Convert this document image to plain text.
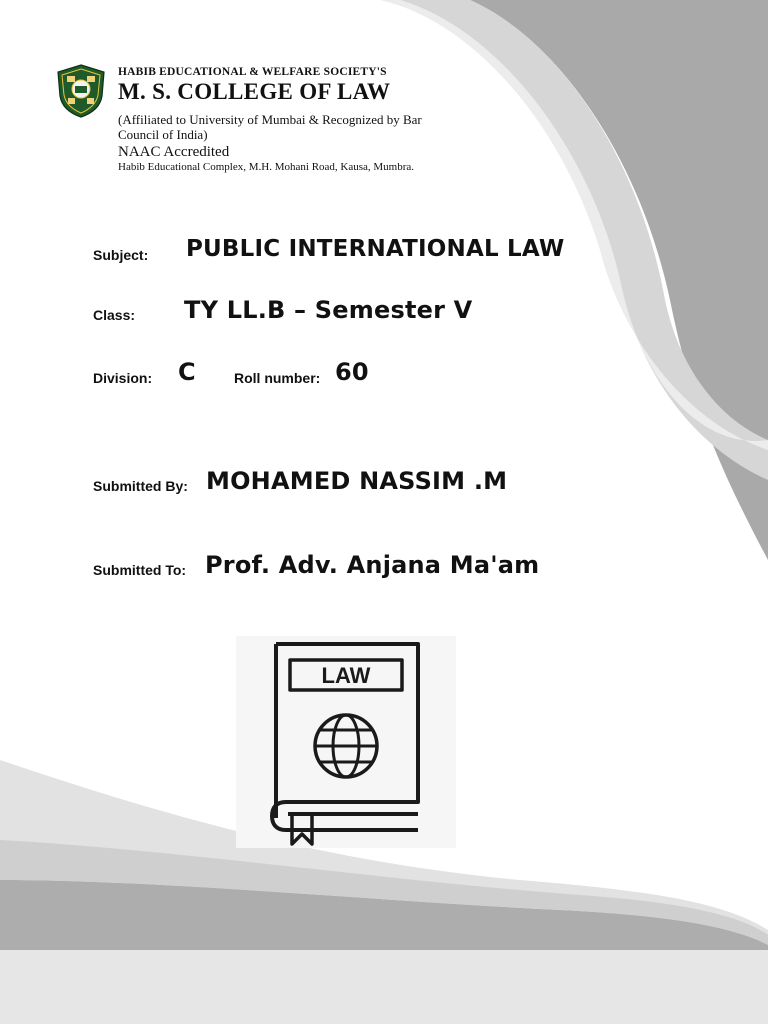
HABIB EDUCATIONAL & WELFARE SOCIETY'S
M. S. COLLEGE OF LAW
(Affiliated to University of Mumbai & Recognized by Bar Council of India)
NAAC Accredited
Habib Educational Complex, M.H. Mohani Road, Kausa, Mumbra.
Subject: PUBLIC INTERNATIONAL LAW
Class: TY LL.B – Semester V
Division: C	Roll number: 60
Submitted By: MOHAMED NASSIM .M
Submitted To: Prof. Adv. Anjana Ma'am
LAW
